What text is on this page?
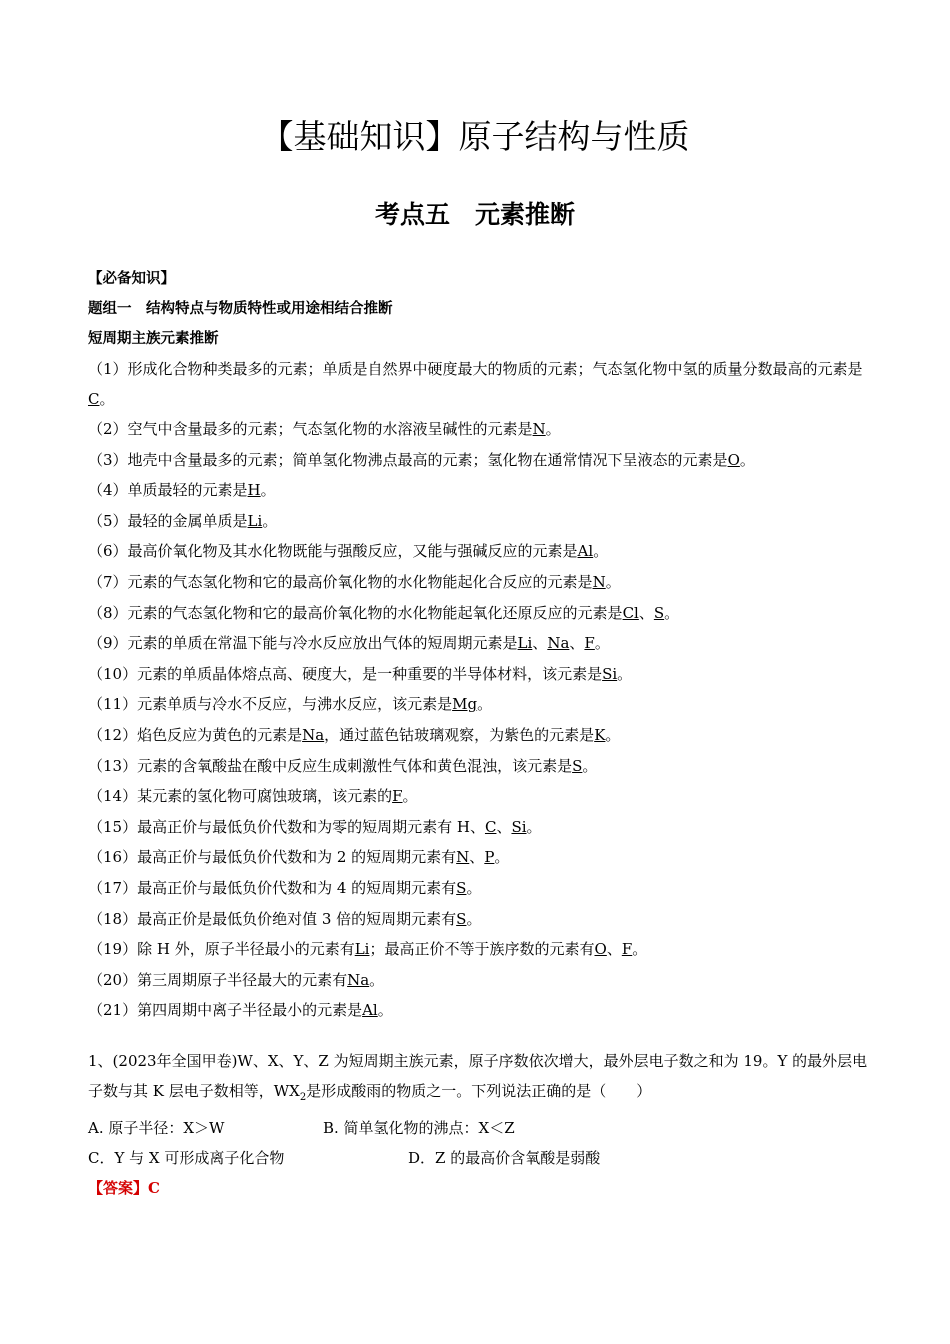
【基础知识】原子结构与性质
考点五　元素推断
【必备知识】
题组一　结构特点与物质特性或用途相结合推断
短周期主族元素推断
（1）形成化合物种类最多的元素；单质是自然界中硬度最大的物质的元素；气态氢化物中氢的质量分数最高的元素是C。
（2）空气中含量最多的元素；气态氢化物的水溶液呈碱性的元素是N。
（3）地壳中含量最多的元素；简单氢化物沸点最高的元素；氢化物在通常情况下呈液态的元素是O。
（4）单质最轻的元素是H。
（5）最轻的金属单质是Li。
（6）最高价氧化物及其水化物既能与强酸反应，又能与强碱反应的元素是Al。
（7）元素的气态氢化物和它的最高价氧化物的水化物能起化合反应的元素是N。
（8）元素的气态氢化物和它的最高价氧化物的水化物能起氧化还原反应的元素是Cl、S。
（9）元素的单质在常温下能与冷水反应放出气体的短周期元素是Li、Na、F。
（10）元素的单质晶体熔点高、硬度大，是一种重要的半导体材料，该元素是Si。
（11）元素单质与冷水不反应，与沸水反应，该元素是Mg。
（12）焰色反应为黄色的元素是Na，通过蓝色钴玻璃观察，为紫色的元素是K。
（13）元素的含氧酸盐在酸中反应生成刺激性气体和黄色混浊，该元素是S。
（14）某元素的氢化物可腐蚀玻璃，该元素的F。
（15）最高正价与最低负价代数和为零的短周期元素有 H、C、Si。
（16）最高正价与最低负价代数和为 2 的短周期元素有N、P。
（17）最高正价与最低负价代数和为 4 的短周期元素有S。
（18）最高正价是最低负价绝对值 3 倍的短周期元素有S。
（19）除 H 外，原子半径最小的元素有Li；最高正价不等于族序数的元素有O、F。
（20）第三周期原子半径最大的元素有Na。
（21）第四周期中离子半径最小的元素是Al。
1、(2023年全国甲卷)W、X、Y、Z 为短周期主族元素，原子序数依次增大，最外层电子数之和为 19。Y 的最外层电子数与其 K 层电子数相等，$WX_2$是形成酸雨的物质之一。下列说法正确的是（　　）
A. 原子半径：X＞W	B. 简单氢化物的沸点：X＜Z
C．Y 与 X 可形成离子化合物	D．Z 的最高价含氧酸是弱酸
【答案】C
